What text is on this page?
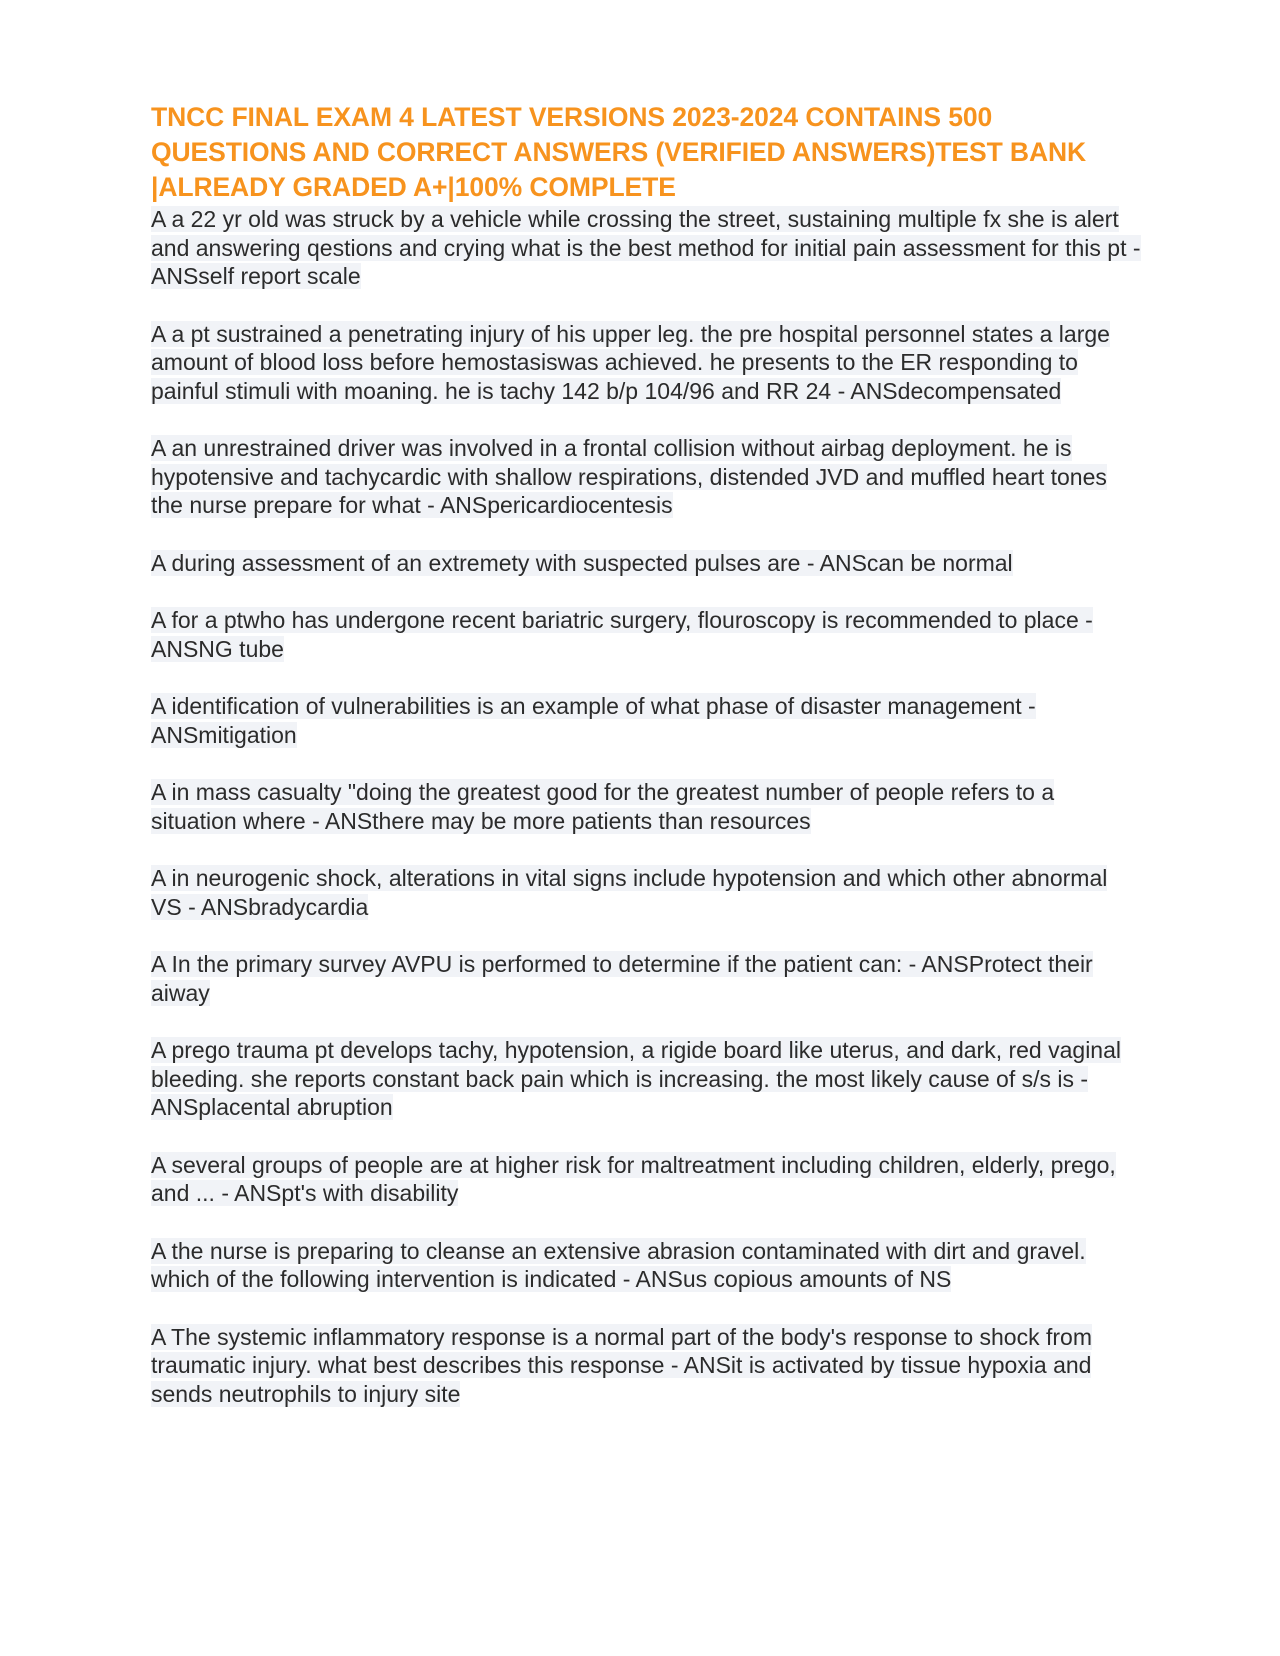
TNCC FINAL EXAM 4 LATEST VERSIONS 2023-2024 CONTAINS 500 QUESTIONS AND CORRECT ANSWERS (VERIFIED ANSWERS)TEST BANK |ALREADY GRADED A+|100% COMPLETE

A a 22 yr old was struck by a vehicle while crossing the street, sustaining multiple fx she is alert and answering qestions and crying what is the best method for initial pain assessment for this pt - ANSself report scale

A a pt sustrained a penetrating injury of his upper leg. the pre hospital personnel states a large amount of blood loss before hemostasiswas achieved. he presents to the ER responding to painful stimuli with moaning. he is tachy 142 b/p 104/96 and RR 24 - ANSdecompensated

A an unrestrained driver was involved in a frontal collision without airbag deployment. he is hypotensive and tachycardic with shallow respirations, distended JVD and muffled heart tones the nurse prepare for what - ANSpericardiocentesis

A during assessment of an extremety with suspected pulses are - ANScan be normal

A for a ptwho has undergone recent bariatric surgery, flouroscopy is recommended to place - ANSNG tube

A identification of vulnerabilities is an example of what phase of disaster management - ANSmitigation

A in mass casualty "doing the greatest good for the greatest number of people refers to a situation where - ANSthere may be more patients than resources

A in neurogenic shock, alterations in vital signs include hypotension and which other abnormal VS - ANSbradycardia

A In the primary survey AVPU is performed to determine if the patient can: - ANSProtect their aiway

A prego trauma pt develops tachy, hypotension, a rigide board like uterus, and dark, red vaginal bleeding. she reports constant back pain which is increasing. the most likely cause of s/s is - ANSplacental abruption

A several groups of people are at higher risk for maltreatment including children, elderly, prego, and ... - ANSpt's with disability

A the nurse is preparing to cleanse an extensive abrasion contaminated with dirt and gravel. which of the following intervention is indicated - ANSus copious amounts of NS

A The systemic inflammatory response is a normal part of the body's response to shock from traumatic injury. what best describes this response - ANSit is activated by tissue hypoxia and sends neutrophils to injury site
